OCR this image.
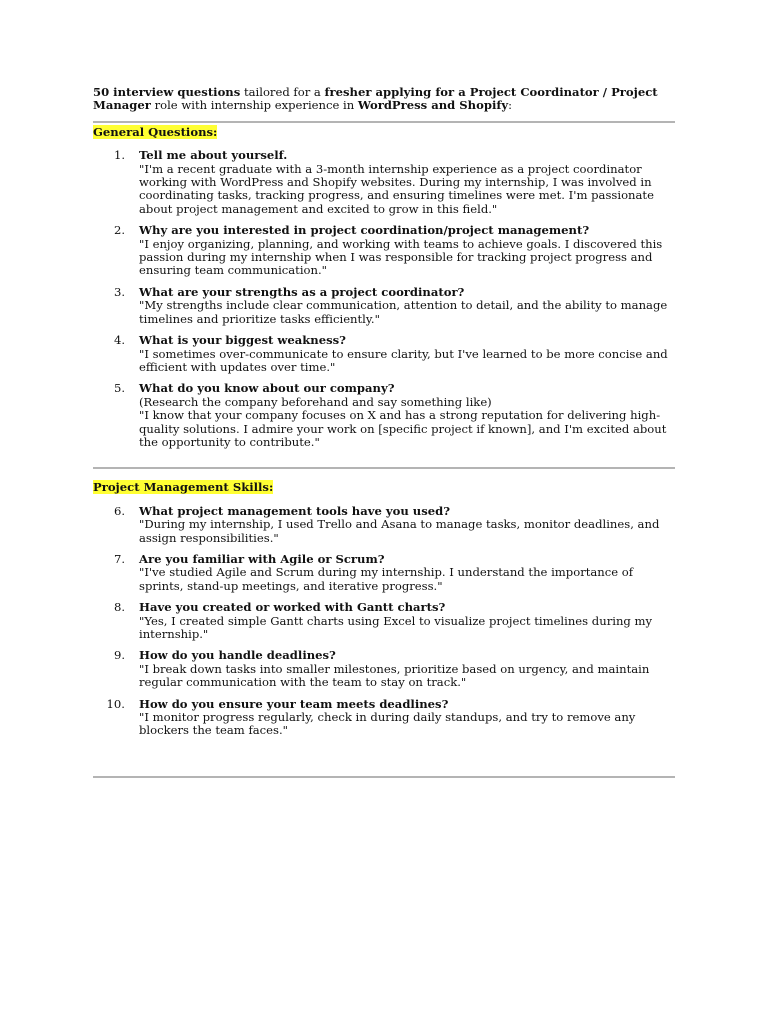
50 interview questions tailored for a fresher applying for a Project Coordinator / Project Manager role with internship experience in WordPress and Shopify:

General Questions:

1. Tell me about yourself.
"I'm a recent graduate with a 3-month internship experience as a project coordinator working with WordPress and Shopify websites. During my internship, I was involved in coordinating tasks, tracking progress, and ensuring timelines were met. I'm passionate about project management and excited to grow in this field."
2. Why are you interested in project coordination/project management?
"I enjoy organizing, planning, and working with teams to achieve goals. I discovered this passion during my internship when I was responsible for tracking project progress and ensuring team communication."
3. What are your strengths as a project coordinator?
"My strengths include clear communication, attention to detail, and the ability to manage timelines and prioritize tasks efficiently."
4. What is your biggest weakness?
"I sometimes over-communicate to ensure clarity, but I've learned to be more concise and efficient with updates over time."
5. What do you know about our company?
(Research the company beforehand and say something like)
"I know that your company focuses on X and has a strong reputation for delivering high-quality solutions. I admire your work on [specific project if known], and I'm excited about the opportunity to contribute."

Project Management Skills:

6. What project management tools have you used?
"During my internship, I used Trello and Asana to manage tasks, monitor deadlines, and assign responsibilities."
7. Are you familiar with Agile or Scrum?
"I've studied Agile and Scrum during my internship. I understand the importance of sprints, stand-up meetings, and iterative progress."
8. Have you created or worked with Gantt charts?
"Yes, I created simple Gantt charts using Excel to visualize project timelines during my internship."
9. How do you handle deadlines?
"I break down tasks into smaller milestones, prioritize based on urgency, and maintain regular communication with the team to stay on track."
10. How do you ensure your team meets deadlines?
"I monitor progress regularly, check in during daily standups, and try to remove any blockers the team faces."
